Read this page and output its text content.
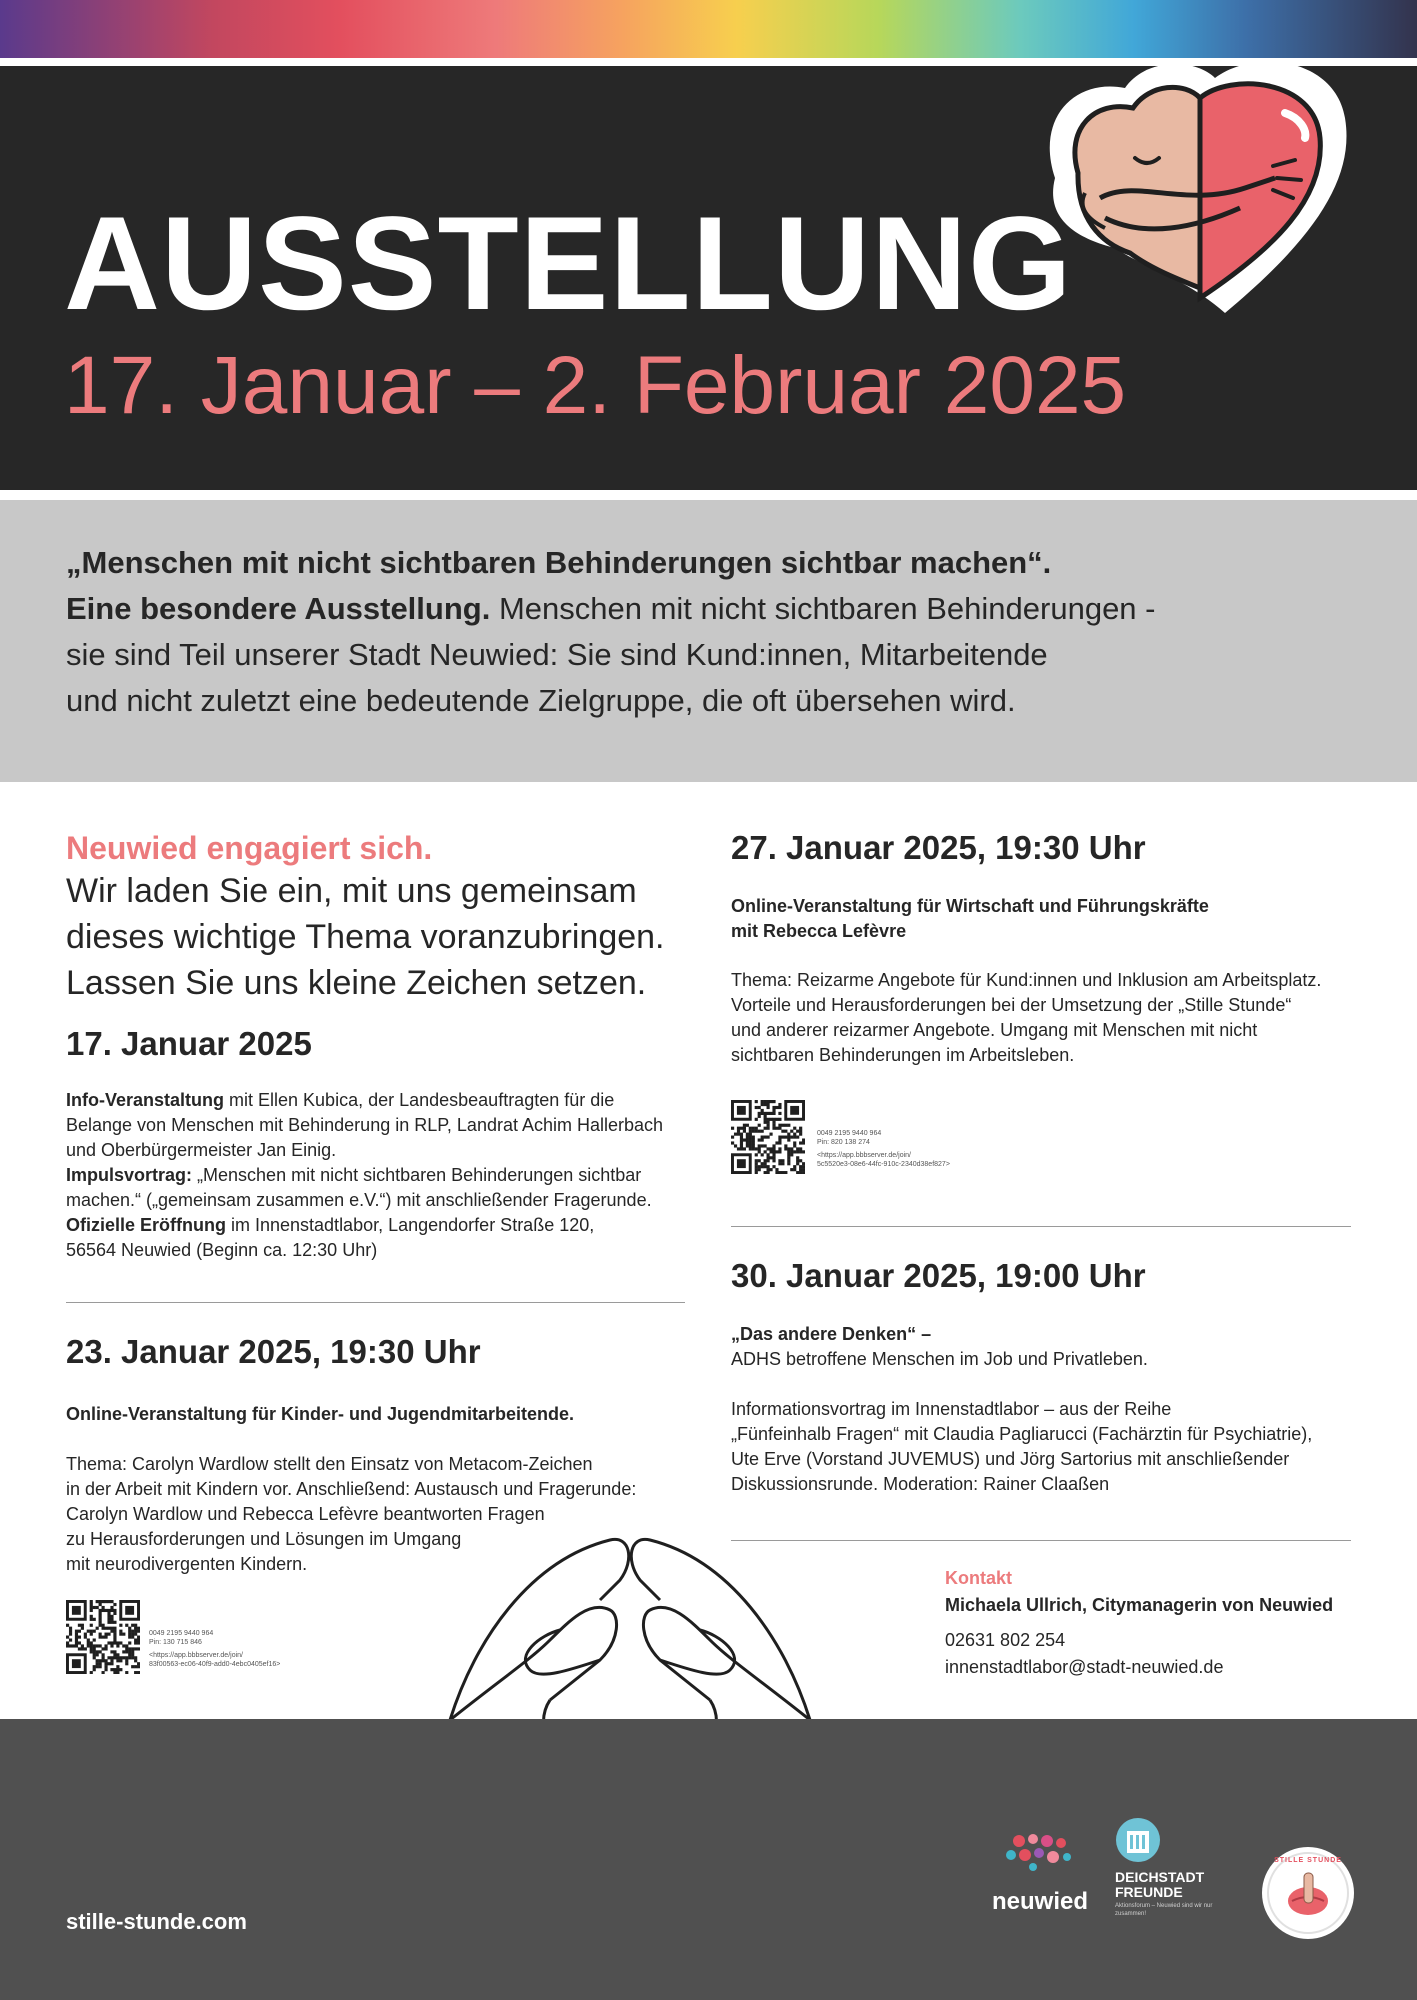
AUSSTELLUNG
17. Januar – 2. Februar 2025
„Menschen mit nicht sichtbaren Behinderungen sichtbar machen“.
Eine besondere Ausstellung. Menschen mit nicht sichtbaren Behinderungen -
sie sind Teil unserer Stadt Neuwied: Sie sind Kund:innen, Mitarbeitende
und nicht zuletzt eine bedeutende Zielgruppe, die oft übersehen wird.
Neuwied engagiert sich.
Wir laden Sie ein, mit uns gemeinsam
dieses wichtige Thema voranzubringen.
Lassen Sie uns kleine Zeichen setzen.
17. Januar 2025
Info-Veranstaltung mit Ellen Kubica, der Landesbeauftragten für die
Belange von Menschen mit Behinderung in RLP, Landrat Achim Hallerbach
und Oberbürgermeister Jan Einig.
Impulsvortrag: „Menschen mit nicht sichtbaren Behinderungen sichtbar
machen.“ („gemeinsam zusammen e.V.“) mit anschließender Fragerunde.
Ofizielle Eröffnung im Innenstadtlabor, Langendorfer Straße 120,
56564 Neuwied (Beginn ca. 12:30 Uhr)
23. Januar 2025, 19:30 Uhr
Online-Veranstaltung für Kinder- und Jugendmitarbeitende.
Thema: Carolyn Wardlow stellt den Einsatz von Metacom-Zeichen
in der Arbeit mit Kindern vor. Anschließend: Austausch und Fragerunde:
Carolyn Wardlow und Rebecca Lefèvre beantworten Fragen
zu Herausforderungen und Lösungen im Umgang
mit neurodivergenten Kindern.
27. Januar 2025, 19:30 Uhr
Online-Veranstaltung für Wirtschaft und Führungskräfte
mit Rebecca Lefèvre
Thema: Reizarme Angebote für Kund:innen und Inklusion am Arbeitsplatz.
Vorteile und Herausforderungen bei der Umsetzung der „Stille Stunde“
und anderer reizarmer Angebote. Umgang mit Menschen mit nicht
sichtbaren Behinderungen im Arbeitsleben.
30. Januar 2025, 19:00 Uhr
„Das andere Denken“ –
ADHS betroffene Menschen im Job und Privatleben.
Informationsvortrag im Innenstadtlabor – aus der Reihe
„Fünfeinhalb Fragen“ mit Claudia Pagliarucci (Fachärztin für Psychiatrie),
Ute Erve (Vorstand JUVEMUS) und Jörg Sartorius mit anschließender
Diskussionsrunde. Moderation: Rainer Claaßen
Kontakt
Michaela Ullrich, Citymanagerin von Neuwied
02631 802 254
innenstadtlabor@stadt-neuwied.de
0049 2195 9440 964
Pin: 820 138 274
<https://app.bbbserver.de/join/
5c5520e3-08e6-44fc-910c-2340d38ef827>
0049 2195 9440 964
Pin: 130 715 846
<https://app.bbbserver.de/join/
83f00563-ec06-40f9-add0-4ebc0405ef16>
stille-stunde.com
neuwied
DEICHSTADT
FREUNDE
Aktionsforum – Neuwied sind wir nur zusammen!
STILLE STUNDE
